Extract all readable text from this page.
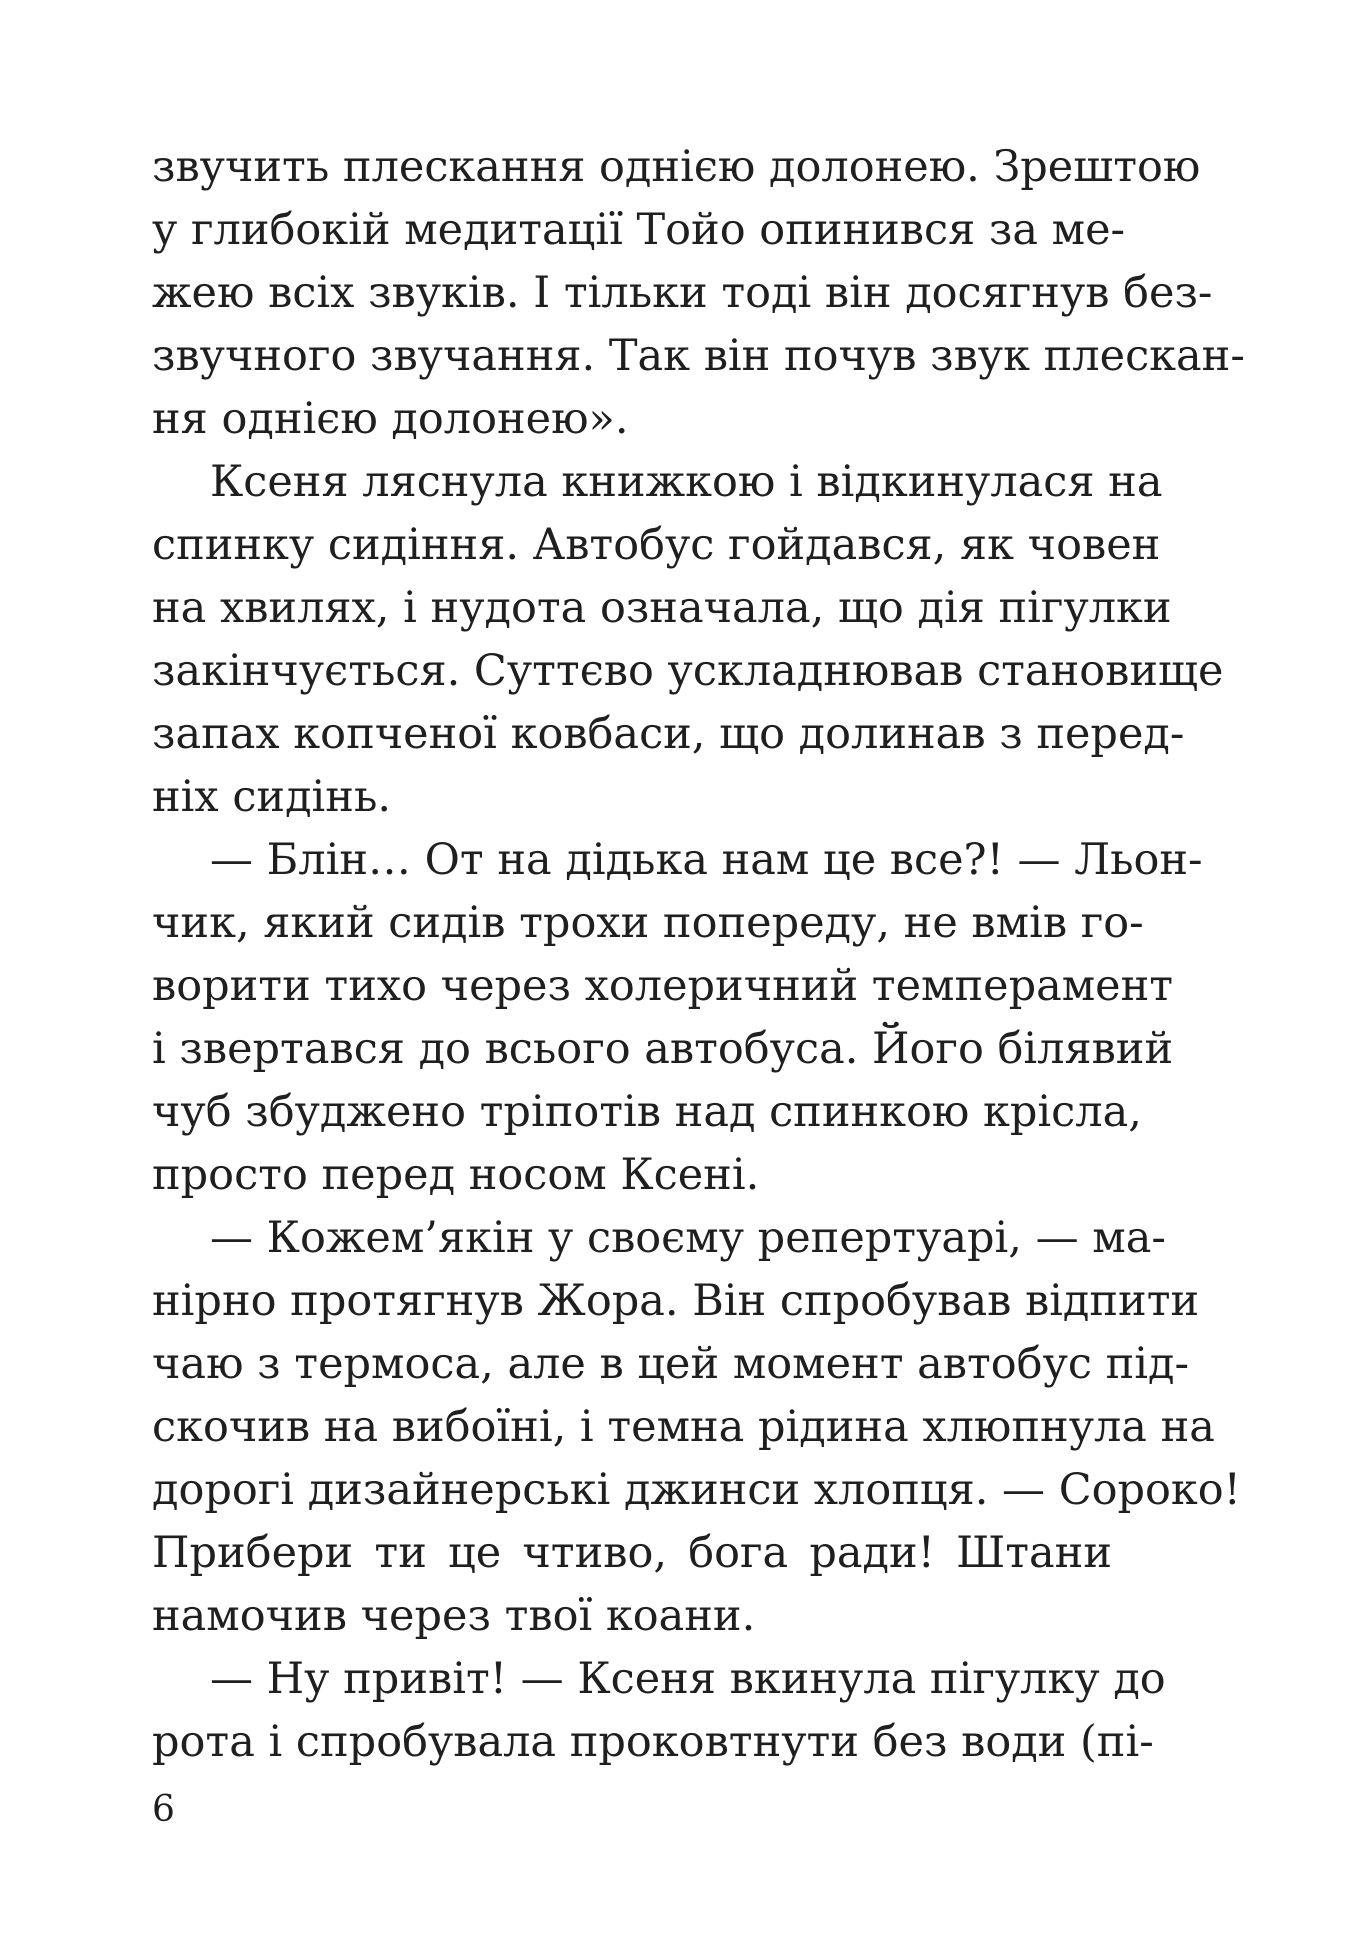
звучить плескання однією долонею. Зрештою
у глибокій медитації Тойо опинився за ме-
жею всіх звуків. І тільки тоді він досягнув без-
звучного звучання. Так він почув звук плескан-
ня однією долонею».
Ксеня ляснула книжкою і відкинулася на
спинку сидіння. Автобус гойдався, як човен
на хвилях, і нудота означала, що дія пігулки
закінчується. Суттєво ускладнював становище
запах копченої ковбаси, що долинав з перед-
ніх сидінь.
— Блін… От на дідька нам це все?! — Льон-
чик, який сидів трохи попереду, не вмів го-
ворити тихо через холеричний темперамент
і звертався до всього автобуса. Його білявий
чуб збуджено тріпотів над спинкою крісла,
просто перед носом Ксені.
— Кожем’якін у своєму репертуарі, — ма-
нірно протягнув Жора. Він спробував відпити
чаю з термоса, але в цей момент автобус під-
скочив на вибоїні, і темна рідина хлюпнула на
дорогі дизайнерські джинси хлопця. — Сороко!
Прибери ти це чтиво, бога ради! Штани
намочив через твої коани.
— Ну привіт! — Ксеня вкинула пігулку до
рота і спробувала проковтнути без води (пі-
6
